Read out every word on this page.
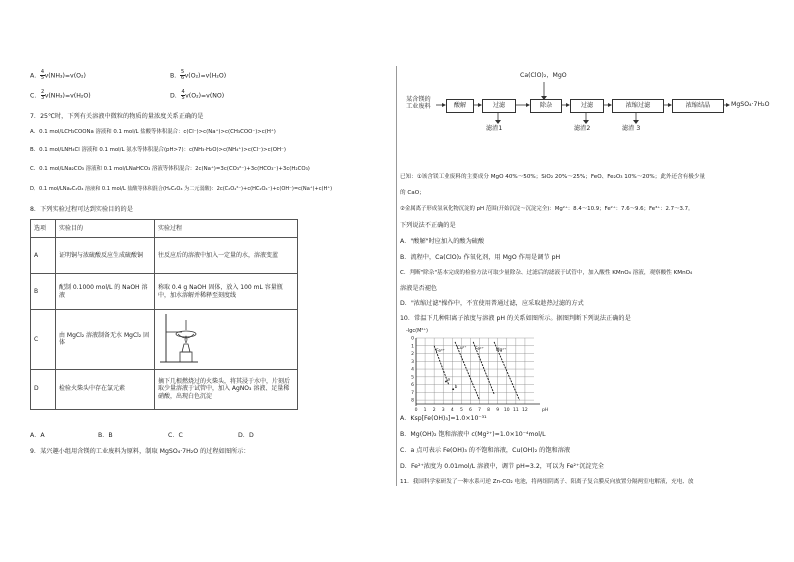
A． $\frac{4}{5} v(NH_3)=v(O_2)$	B． $\frac{5}{6} v(O_2)=v(H_2O)$
C． $\frac{2}{3} v(NH_3)=v(H_2O)$	D． $\frac{4}{5} v(O_2)=v(NO)$
7．25℃时，下列有关溶液中微粒的物质的量浓度关系正确的是
A．0.1 mol/LCH₃COONa 溶液和 0.1 mol/L 盐酸等体积混合：c(Cl⁻)>c(Na⁺)>c(CH₃COO⁻)>c(H⁺)
B．0.1 mol/LNH₄Cl 溶液和 0.1 mol/L 氨水等体积混合(pH>7)：c(NH₃·H₂O)>c(NH₄⁺)>c(Cl⁻)>c(OH⁻)
C．0.1 mol/LNa₂CO₃ 溶液和 0.1 mol/LNaHCO₃ 溶液等体积混合：2c(Na⁺)=3c(CO₃²⁻)+3c(HCO₃⁻)+3c(H₂CO₃)
D．0.1 mol/LNa₂C₂O₄ 溶液和 0.1 mol/L 盐酸等体积混合(H₂C₂O₄ 为二元弱酸)：2c(C₂O₄²⁻)+c(HC₂O₄⁻)+c(OH⁻)=c(Na⁺)+c(H⁺)
8．下列实验过程可达到实验目的的是
选项	实验目的	实验过程
A	证明铜与浓硫酸反应生成硫酸铜	往反应后的溶液中加入一定量的水，溶液变蓝
B	配制 0.1000 mol/L 的 NaOH 溶液	称取 0.4 g NaOH 固体，放入 100 mL 容量瓶中，加水溶解并稀释至刻度线
C	由 MgCl₂ 溶液制备无水 MgCl₂ 固体	
D	检验火柴头中存在氯元素	摘下几根燃烧过的火柴头，将其浸于水中，片刻后取少量溶液于试管中，加入 AgNO₃ 溶液、足量稀硝酸，出现白色沉淀
A．A	B．B	C．C	D．D
9．某兴趣小组用含镁的工业废料为原料，制取 MgSO₄·7H₂O 的过程如图所示：
Ca(ClO)₂，MgO
某含镁的工业废料	酸解	过滤	除杂	过滤	浓缩过滤	浓缩结晶	MgSO₄·7H₂O
滤渣1	滤渣2	滤渣 3
已知：①该含镁工业废料的主要成分 MgO 40%～50%；SiO₂ 20%～25%；FeO、Fe₂O₃ 10%～20%；此外还含有极少量
的 CaO；
②金属离子形成氢氧化物沉淀的 pH 范围(开始沉淀～沉淀完全)：Mg²⁺：8.4～10.9；Fe²⁺：7.6～9.6；Fe³⁺：2.7～3.7。
下列说法不正确的是
A．"酸解"时应加入的酸为硫酸
B．流程中，Ca(ClO)₂ 作氧化剂，用 MgO 作用是调节 pH
C．判断"除杂"基本完成的检验方法可取少量除杂、过滤后的滤液于试管中，加入酸性 KMnO₄ 溶液，观察酸性 KMnO₄
溶液是否褪色
D．"浓缩过滤"操作中，不宜使用普通过滤，应采取趁热过滤的方式
10．常温下几种阳离子浓度与溶液 pH 的关系如图所示。据图判断下列说法正确的是
-lgc(M²⁺)
0 1 2 3 4 5 6 7 8 9 10 11 12	pH
0
1
2
3
4
5
6
7
8
Fe³⁺
Cu²⁺ Fe²⁺	Mg²⁺
a
b
A．Ksp[Fe(OH)₃]=1.0×10⁻³¹
B．Mg(OH)₂ 饱和溶液中 c(Mg²⁺)=1.0×10⁻⁴mol/L
C．a 点可表示 Fe(OH)₃ 的不饱和溶液，Cu(OH)₂ 的饱和溶液
D．Fe²⁺浓度为 0.01mol/L 溶液中，调节 pH=3.2，可以为 Fe²⁺沉淀完全
11．我国科学家研发了一种水系可逆 Zn-CO₂ 电池，将两组阴离子、阳离子复合膜反向放置分隔两室电解液，充电、放
